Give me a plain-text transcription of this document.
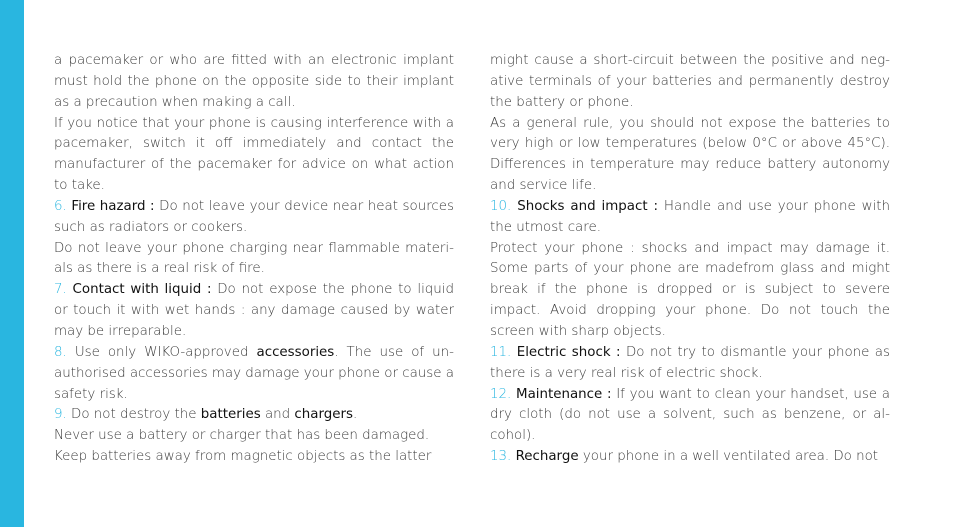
a pacemaker or who are fitted with an electronic implant must hold the phone on the opposite side to their implant as a precaution when making a call.

If you notice that your phone is causing interference with a pacemaker, switch it off immediately and contact the manufacturer of the pacemaker for advice on what action to take.

6. Fire hazard : Do not leave your device near heat sources such as radiators or cookers.

Do not leave your phone charging near flammable materials as there is a real risk of fire.

7. Contact with liquid : Do not expose the phone to liquid or touch it with wet hands : any damage caused by water may be irreparable.

8. Use only WIKO-approved accessories. The use of unauthorised accessories may damage your phone or cause a safety risk.

9. Do not destroy the batteries and chargers.

Never use a battery or charger that has been damaged.

Keep batteries away from magnetic objects as the latter

might cause a short-circuit between the positive and negative terminals of your batteries and permanently destroy the battery or phone.

As a general rule, you should not expose the batteries to very high or low temperatures (below 0°C or above 45°C). Differences in temperature may reduce battery autonomy and service life.

10. Shocks and impact : Handle and use your phone with the utmost care.

Protect your phone : shocks and impact may damage it. Some parts of your phone are madefrom glass and might break if the phone is dropped or is subject to severe impact. Avoid dropping your phone. Do not touch the screen with sharp objects.

11. Electric shock : Do not try to dismantle your phone as there is a very real risk of electric shock.

12. Maintenance : If you want to clean your handset, use a dry cloth (do not use a solvent, such as benzene, or alcohol).

13. Recharge your phone in a well ventilated area. Do not
